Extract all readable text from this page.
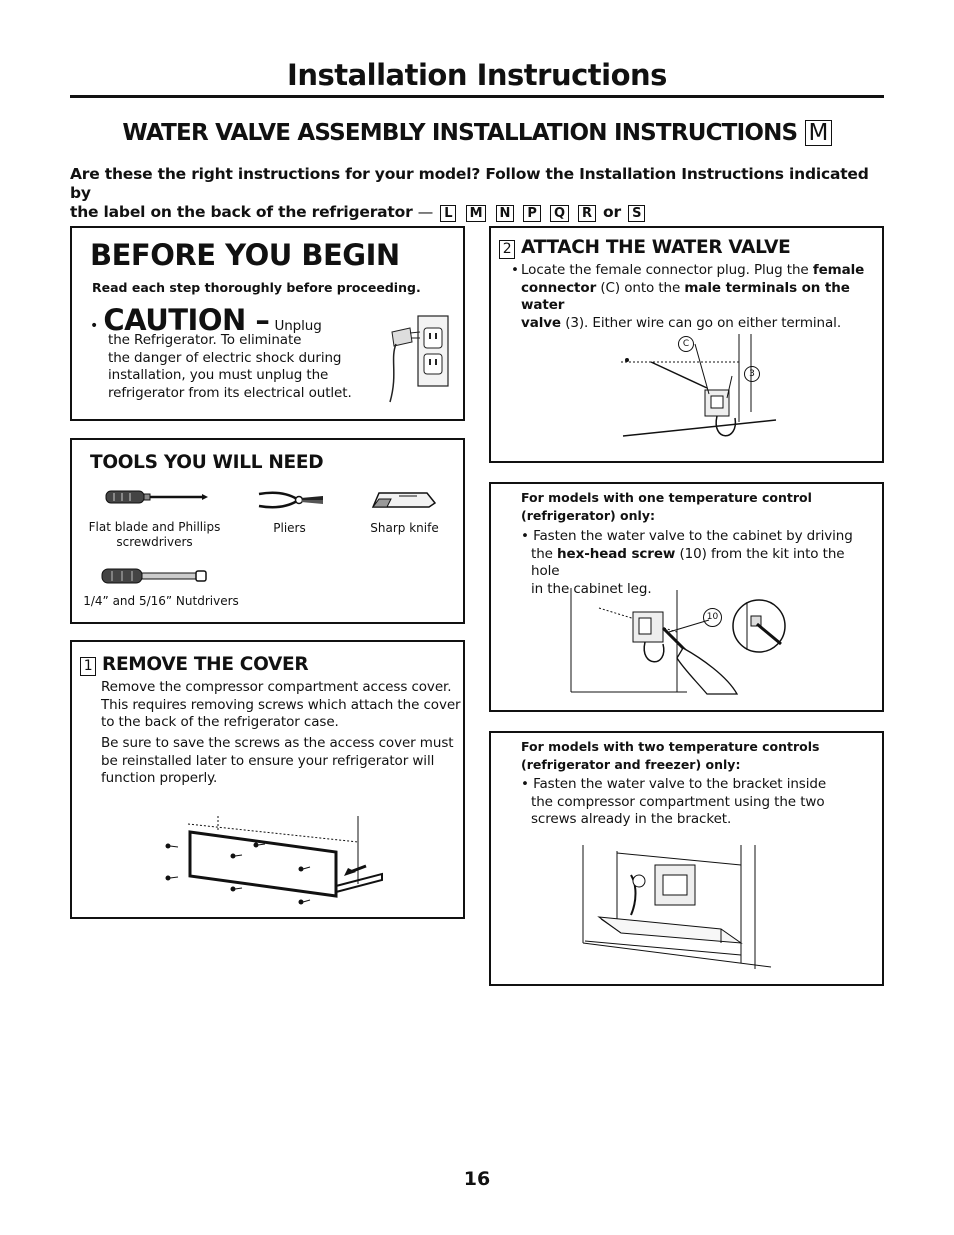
Installation Instructions
WATER VALVE ASSEMBLY INSTALLATION INSTRUCTIONS M
Are these the right instructions for your model? Follow the Installation Instructions indicated by
the label on the back of the refrigerator — L M N P Q R or S
BEFORE YOU BEGIN
Read each step thoroughly before proceeding.
• CAUTION – Unplug
the Refrigerator. To eliminate
the danger of electric shock during
installation, you must unplug the
refrigerator from its electrical outlet.
TOOLS YOU WILL NEED
Flat blade and Phillips
screwdrivers
Pliers	Sharp knife
1/4” and 5/16” Nutdrivers
1 REMOVE THE COVER
Remove the compressor compartment access cover.
This requires removing screws which attach the cover
to the back of the refrigerator case.
Be sure to save the screws as the access cover must
be reinstalled later to ensure your refrigerator will
function properly.
2 ATTACH THE WATER VALVE
• Locate the female connector plug. Plug the female
connector (C) onto the male terminals on the water
valve (3). Either wire can go on either terminal.
C
3
For models with one temperature control
(refrigerator) only:
• Fasten the water valve to the cabinet by driving
the hex-head screw (10) from the kit into the hole
in the cabinet leg.
10
For models with two temperature controls
(refrigerator and freezer) only:
• Fasten the water valve to the bracket inside
the compressor compartment using the two
screws already in the bracket.
16
